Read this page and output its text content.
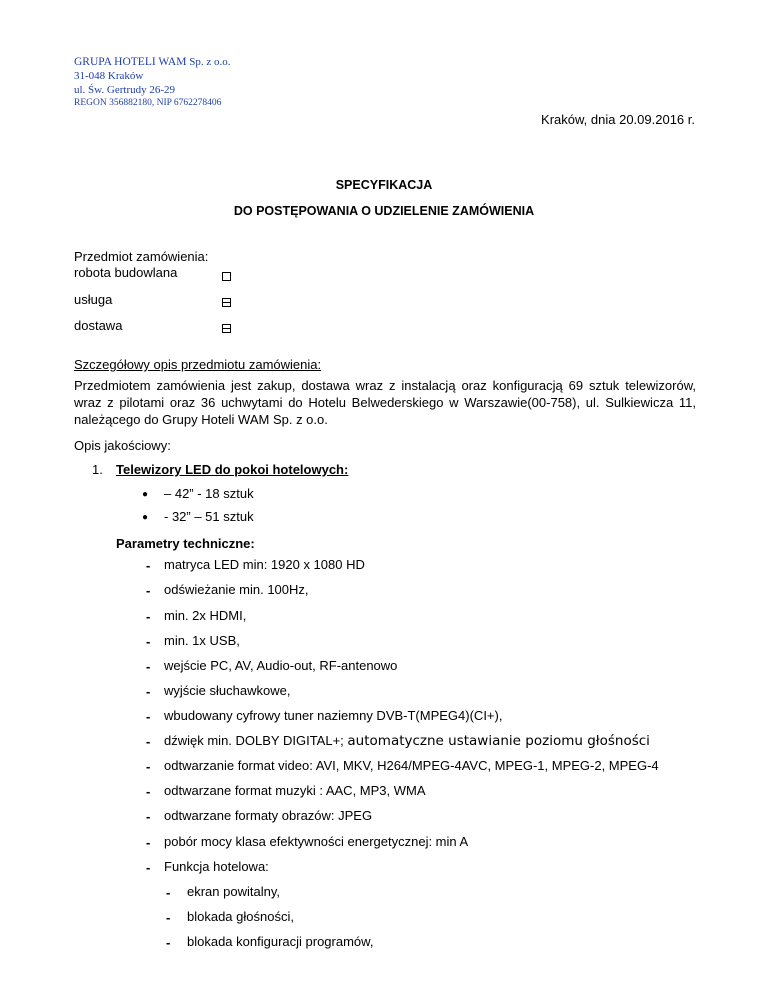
GRUPA HOTELI WAM Sp. z o.o.
31-048 Kraków
ul. Św. Gertrudy 26-29
REGON 356882180, NIP 6762278406
Kraków, dnia 20.09.2016 r.
SPECYFIKACJA
DO POSTĘPOWANIA O UDZIELENIE ZAMÓWIENIA
Przedmiot zamówienia:
robota budowlana
usługa
dostawa
Szczegółowy opis przedmiotu zamówienia:
Przedmiotem zamówienia jest zakup, dostawa wraz z instalacją oraz konfiguracją 69 sztuk telewizorów,
wraz z pilotami oraz 36 uchwytami do Hotelu Belwederskiego w Warszawie(00-758), ul. Sulkiewicza 11,
należącego do Grupy Hoteli WAM Sp. z o.o.
Opis jakościowy:
1. Telewizory LED do pokoi hotelowych:
● – 42” - 18 sztuk
● - 32” – 51 sztuk
Parametry techniczne:
- matryca LED min: 1920 x 1080 HD
- odświeżanie min. 100Hz,
- min. 2x HDMI,
- min. 1x USB,
- wejście PC, AV, Audio-out, RF-antenowo
- wyjście słuchawkowe,
- wbudowany cyfrowy tuner naziemny DVB-T(MPEG4)(CI+),
- dźwięk min. DOLBY DIGITAL+; automatyczne ustawianie poziomu głośności
- odtwarzanie format video: AVI, MKV, H264/MPEG-4AVC, MPEG-1, MPEG-2, MPEG-4
- odtwarzane format muzyki : AAC, MP3, WMA
- odtwarzane formaty obrazów: JPEG
- pobór mocy klasa efektywności energetycznej: min A
- Funkcja hotelowa:
- ekran powitalny,
- blokada głośności,
- blokada konfiguracji programów,
